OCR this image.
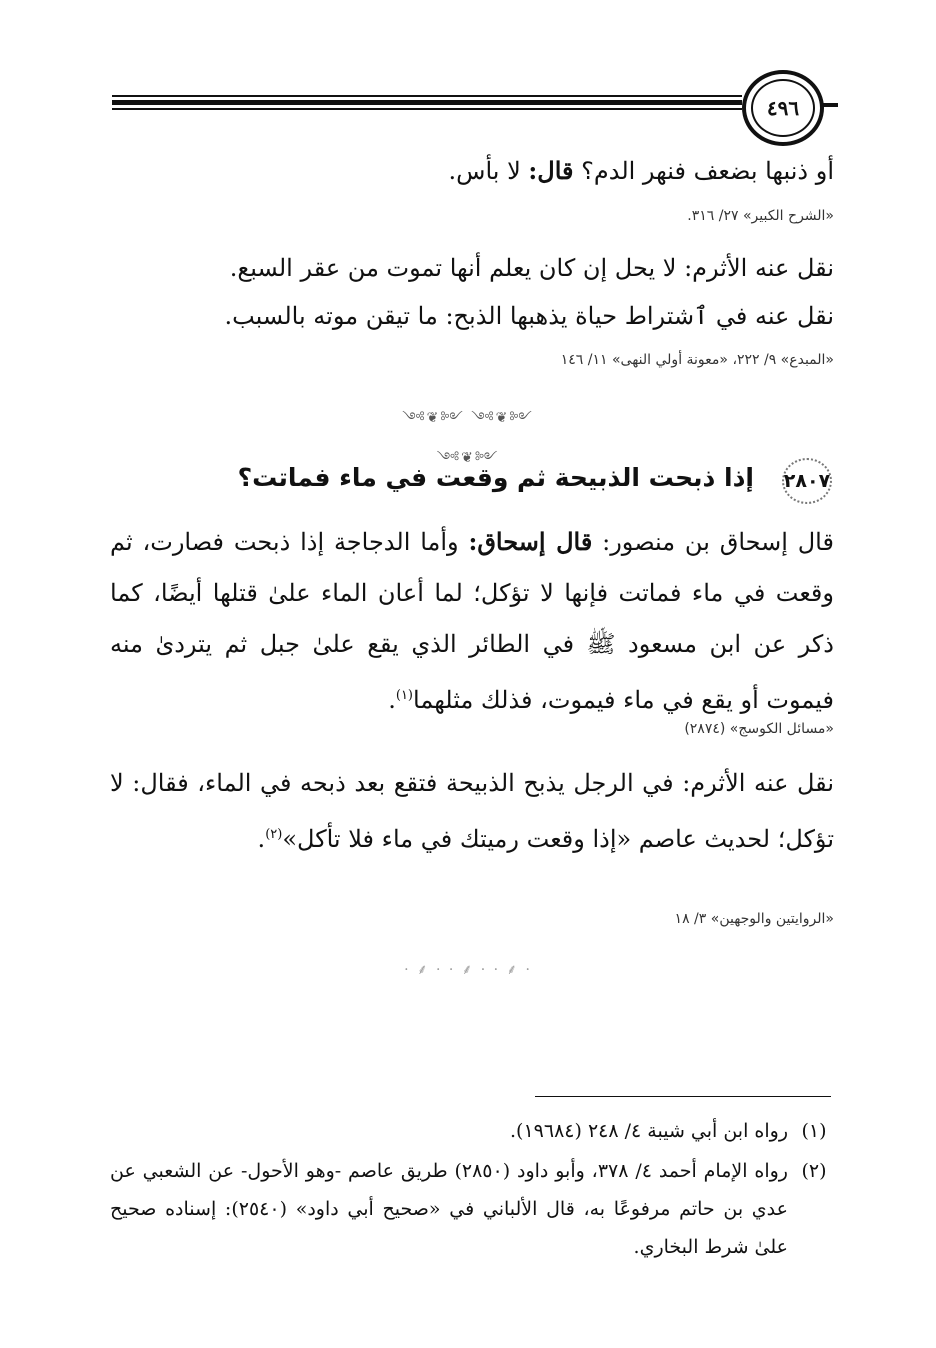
٤٩٦
أو ذنبها بضعف فنهر الدم؟ قال: لا بأس.
«الشرح الكبير» ٢٧/ ٣١٦.
نقل عنه الأثرم: لا يحل إن كان يعلم أنها تموت من عقر السبع.
نقل عنه في ٱشتراط حياة يذهبها الذبح: ما تيقن موته بالسبب.
«المبدع» ٩/ ٢٢٢، «معونة أولي النهى» ١١/ ١٤٦
༺❦༻ ༺❦༻ ༺❦༻
٢٨٠٧
إذا ذبحت الذبيحة ثم وقعت في ماء فماتت؟
قال إسحاق بن منصور: قال إسحاق: وأما الدجاجة إذا ذبحت فصارت، ثم وقعت في ماء فماتت فإنها لا تؤكل؛ لما أعان الماء علىٰ قتلها أيضًا، كما ذكر عن ابن مسعود ﷺ في الطائر الذي يقع علىٰ جبل ثم يتردىٰ منه فيموت أو يقع في ماء فيموت، فذلك مثلهما$^{(١)}$.
«مسائل الكوسج» (٢٨٧٤)
نقل عنه الأثرم: في الرجل يذبح الذبيحة فتقع بعد ذبحه في الماء، فقال: لا تؤكل؛ لحديث عاصم «إذا وقعت رميتك في ماء فلا تأكل»$^{(٢)}$.
«الروايتين والوجهين» ٣/ ١٨
· ⸙ · · ⸙ · · ⸙ ·
(١)
رواه ابن أبي شيبة ٤/ ٢٤٨ (١٩٦٨٤).
(٢)
رواه الإمام أحمد ٤/ ٣٧٨، وأبو داود (٢٨٥٠) طريق عاصم -وهو الأحول- عن الشعبي عن عدي بن حاتم مرفوعًا به، قال الألباني في «صحيح أبي داود» (٢٥٤٠): إسناده صحيح علىٰ شرط البخاري.
